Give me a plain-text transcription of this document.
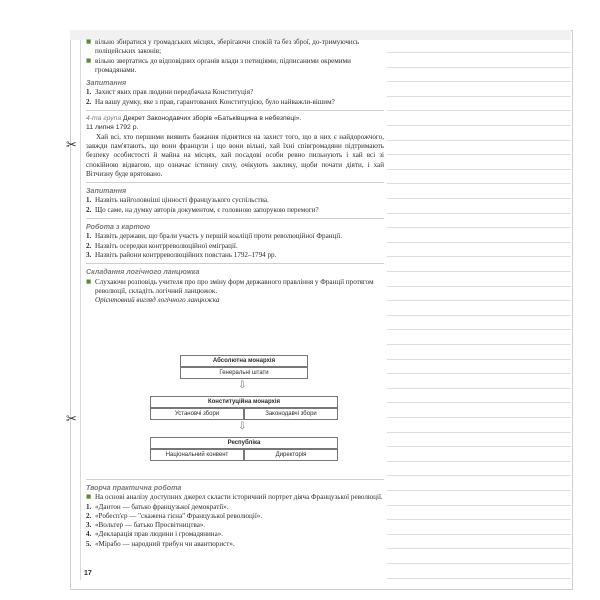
✂
✂
■ вільно збиратися у громадських місцях, зберігаючи спокій та без зброї, до-тримуючись поліцейських законів;
■ вільно звертатись до відповідних органів влади з петиціями, підписаними окремими громадянами.
Запитання
1. Захист яких прав людини передбачала Конституція?
2. На вашу думку, яке з прав, гарантованих Конституцією, було найважли-вішим?
4-та група Декрет Законодавчих зборів «Батьківщина в небезпеці».
11 липня 1792 р.
Хай всі, хто першими виявить бажання піднятися на захист того, що в них є найдорожчого, завжди пам'ятають, що вони французи і що вони вільні, хай їхні співгромадяни підтримають безпеку особистості й майна на місцях, хай посадові особи ревно пильнують і хай всі зі спокійною відвагою, що означає істинну силу, очікують заклику, щоби почати діяти, і хай Вітчизну буде врятовано.
Запитання
1. Назвіть найголовніші цінності французького суспільства.
2. Що саме, на думку авторів документом, є головною запорукою перемоги?
Робота з картою
1. Назвіть держави, що брали участь у першій коаліції проти революційної Франції.
2. Назвіть осередки контрреволюційної еміграції.
3. Назвіть райони контрреволюційних повстань 1792–1794 рр.
Складання логічного ланцюжка
■ Слухаючи розповідь учителя про про зміну форм державного правління у Франції протягом революції, складіть логічний ланцюжок.
Орієнтовний вигляд логічного ланцюжка
Абсолютна монархія
Генеральні штати
⇩
Конституційна монархія
Установчі збори	Законодавчі збори
⇩
Республіка
Національний конвент	Директорія
Творча практична робота
■ На основі аналізу доступних джерел скласти історичний портрет діяча Французької революції.
1. «Дантон — батько французької демократії».
2. «Робесп'єр — "скажена гієна" Французької революції».
3. «Вольтер — батько Просвітництва».
4. «Декларація прав людини і громадянина».
5. «Мірабо — народний трибун чи авантюрист».
17
